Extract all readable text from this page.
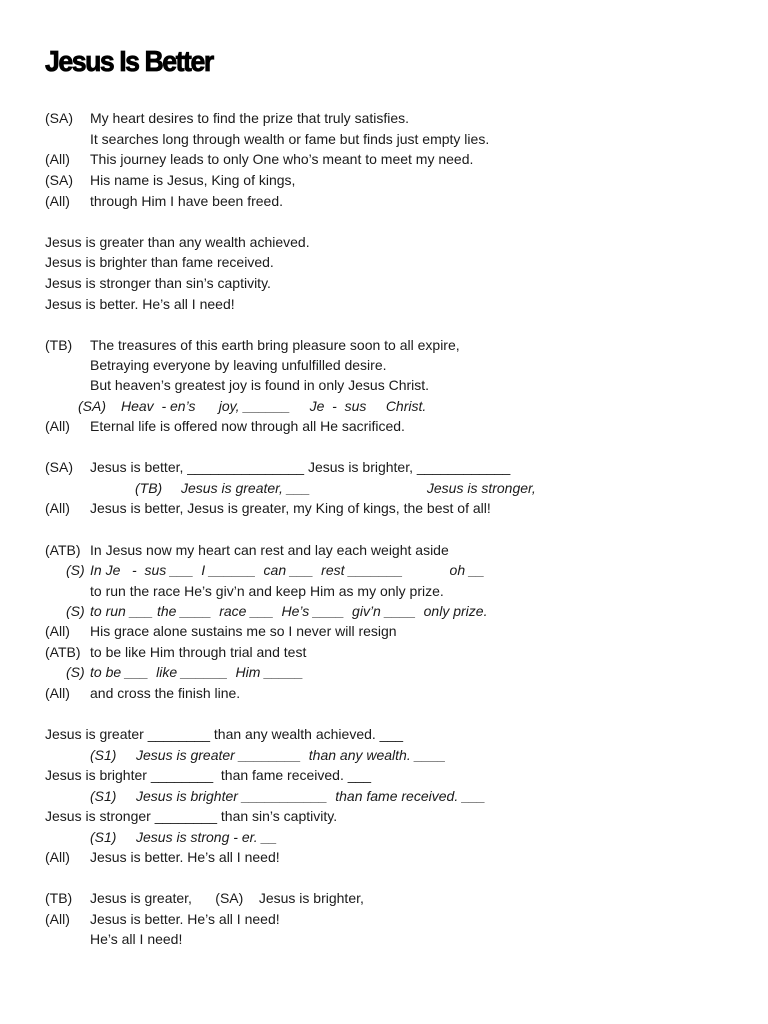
Jesus Is Better
(SA) My heart desires to find the prize that truly satisfies.
It searches long through wealth or fame but finds just empty lies.
(All) This journey leads to only One who’s meant to meet my need.
(SA) His name is Jesus, King of kings,
(All) through Him I have been freed.
Jesus is greater than any wealth achieved.
Jesus is brighter than fame received.
Jesus is stronger than sin’s captivity.
Jesus is better. He’s all I need!
(TB) The treasures of this earth bring pleasure soon to all expire,
Betraying everyone by leaving unfulfilled desire.
But heaven’s greatest joy is found in only Jesus Christ.
(SA) Heav  - en’s      joy, ______     Je  -  sus     Christ.
(All) Eternal life is offered now through all He sacrificed.
(SA) Jesus is better, _______________ Jesus is brighter, ____________
(TB) Jesus is greater, ___                              Jesus is stronger,
(All) Jesus is better, Jesus is greater, my King of kings, the best of all!
(ATB) In Jesus now my heart can rest and lay each weight aside
(S) In Je   -  sus ___  I ______  can ___  rest _______            oh __
to run the race He’s giv’n and keep Him as my only prize.
(S) to run ___ the ____  race ___  He’s ____  giv’n ____  only prize.
(All) His grace alone sustains me so I never will resign
(ATB) to be like Him through trial and test
(S) to be ___  like ______  Him _____
(All) and cross the finish line.
Jesus is greater ________ than any wealth achieved. ___
(S1) Jesus is greater ________  than any wealth. ____
Jesus is brighter ________  than fame received. ___
(S1) Jesus is brighter ___________  than fame received. ___
Jesus is stronger ________ than sin’s captivity.
(S1) Jesus is strong - er. __
(All) Jesus is better. He’s all I need!
(TB) Jesus is greater,      (SA)    Jesus is brighter,
(All) Jesus is better. He’s all I need!
He’s all I need!
